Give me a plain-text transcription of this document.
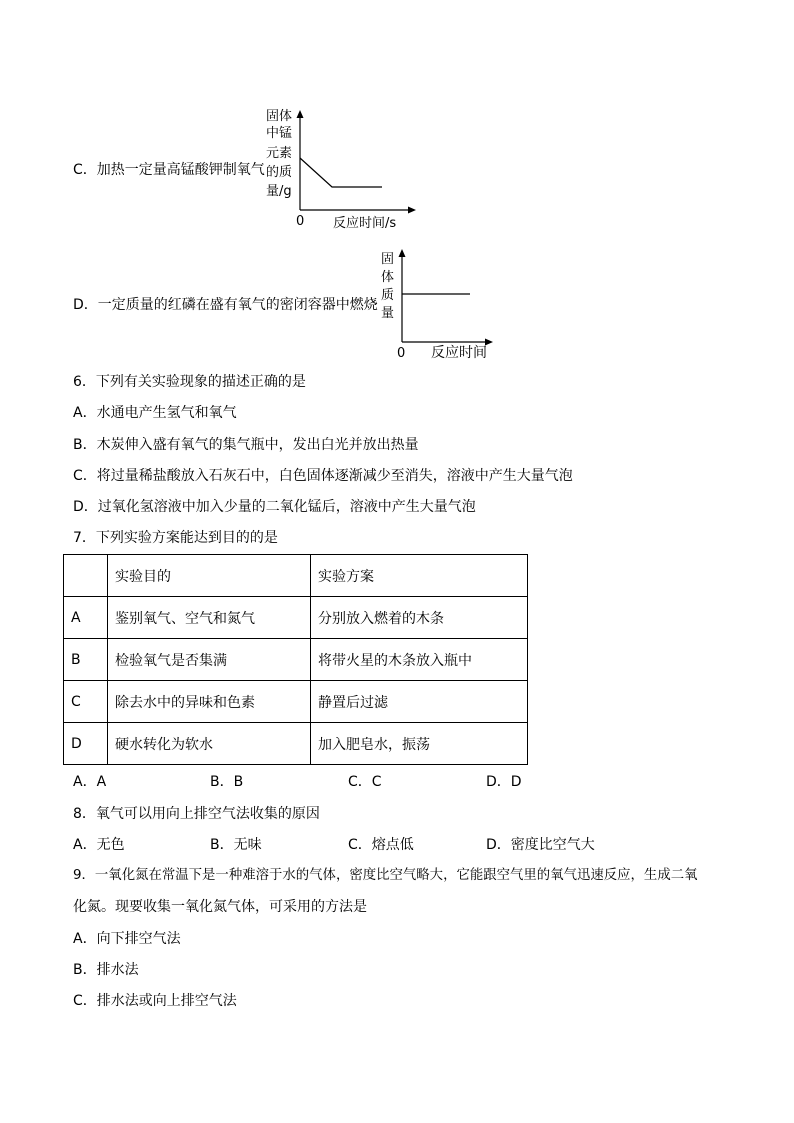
C．加热一定量高锰酸钾制氧气
固体
中锰
元素
的质
量/g
0 反应时间/s
D．一定质量的红磷在盛有氧气的密闭容器中燃烧
固
体
质
量
0 反应时间
6．下列有关实验现象的描述正确的是
A．水通电产生氢气和氧气
B．木炭伸入盛有氧气的集气瓶中，发出白光并放出热量
C．将过量稀盐酸放入石灰石中，白色固体逐渐减少至消失，溶液中产生大量气泡
D．过氧化氢溶液中加入少量的二氧化锰后，溶液中产生大量气泡
7．下列实验方案能达到目的的是
	实验目的	实验方案
A	鉴别氧气、空气和氮气	分别放入燃着的木条
B	检验氧气是否集满	将带火星的木条放入瓶中
C	除去水中的异味和色素	静置后过滤
D	硬水转化为软水	加入肥皂水，振荡
A．A	B．B	C．C	D．D
8．氧气可以用向上排空气法收集的原因
A．无色	B．无味	C．熔点低	D．密度比空气大
9．一氧化氮在常温下是一种难溶于水的气体，密度比空气略大，它能跟空气里的氧气迅速反应，生成二氧
化氮。现要收集一氧化氮气体，可采用的方法是
A．向下排空气法
B．排水法
C．排水法或向上排空气法
